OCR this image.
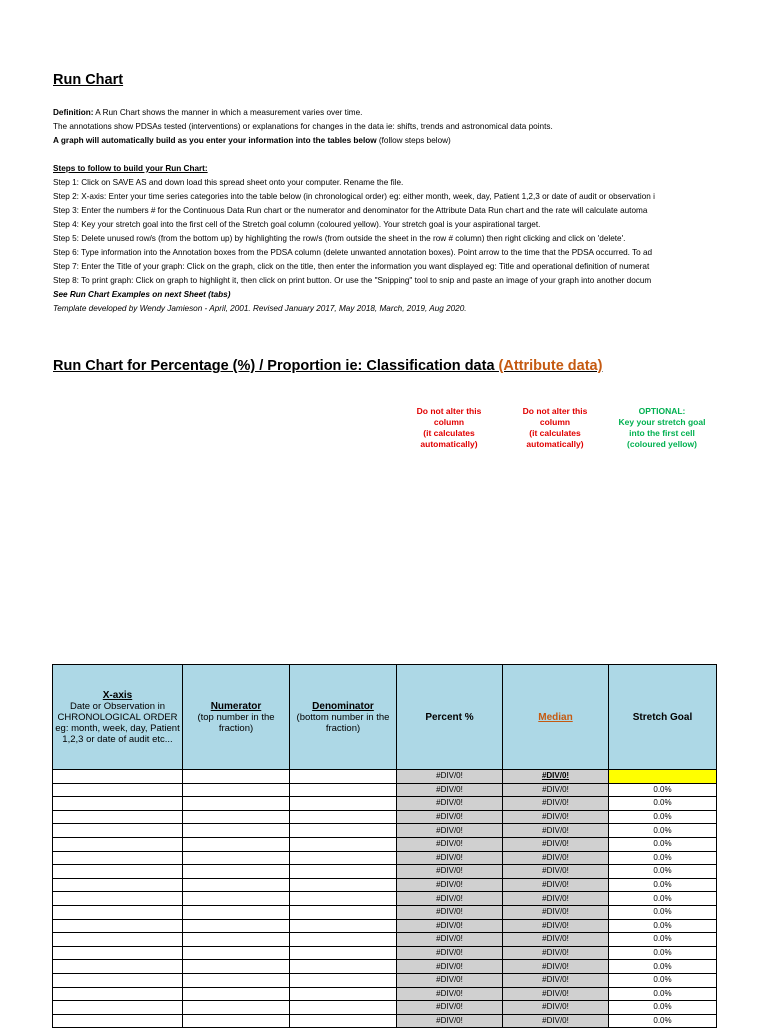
Run Chart
Definition: A Run Chart shows the manner in which a measurement varies over time.
The annotations show PDSAs tested (interventions) or explanations for changes in the data ie: shifts, trends and astronomical data points.
A graph will automatically build as you enter your information into the tables below (follow steps below)
Steps to follow to build your Run Chart:
Step 1: Click on SAVE AS and down load this spread sheet onto your computer. Rename the file.
Step 2: X-axis: Enter your time series categories into the table below (in chronological order) eg: either month, week, day, Patient 1,2,3 or date of audit or observation i
Step 3: Enter the numbers # for the Continuous Data Run chart or the numerator and denominator for the Attribute Data Run chart and the rate will calculate automa
Step 4: Key your stretch goal into the first cell of the Stretch goal column (coloured yellow). Your stretch goal is your aspirational target.
Step 5: Delete unused row/s (from the bottom up) by highlighting the row/s (from outside the sheet in the row # column) then right clicking and click on 'delete'.
Step 6: Type information into the Annotation boxes from the PDSA column (delete unwanted annotation boxes). Point arrow to the time that the PDSA occurred. To ad
Step 7: Enter the Title of your graph: Click on the graph, click on the title, then enter the information you want displayed eg: Title and operational definition of numerat
Step 8: To print graph: Click on graph to highlight it, then click on print button. Or use the "Snipping" tool to snip and paste an image of your graph into another docum
See Run Chart Examples on next Sheet (tabs)
Template developed by Wendy Jamieson - April, 2001. Revised January 2017, May 2018, March, 2019, Aug 2020.
Run Chart for Percentage (%) / Proportion ie: Classification data (Attribute data)
Do not alter this
column
(it calculates
automatically)
Do not alter this
column
(it calculates
automatically)
OPTIONAL:
Key your stretch goal
into the first cell
(coloured yellow)
X-axis
Date or Observation in CHRONOLOGICAL ORDER eg: month, week, day, Patient 1,2,3 or date of audit etc...	Numerator
(top number in the fraction)	Denominator
(bottom number in the fraction)	Percent %	Median	Stretch Goal
			#DIV/0!	#DIV/0!	
			#DIV/0!	#DIV/0!	0.0%
			#DIV/0!	#DIV/0!	0.0%
			#DIV/0!	#DIV/0!	0.0%
			#DIV/0!	#DIV/0!	0.0%
			#DIV/0!	#DIV/0!	0.0%
			#DIV/0!	#DIV/0!	0.0%
			#DIV/0!	#DIV/0!	0.0%
			#DIV/0!	#DIV/0!	0.0%
			#DIV/0!	#DIV/0!	0.0%
			#DIV/0!	#DIV/0!	0.0%
			#DIV/0!	#DIV/0!	0.0%
			#DIV/0!	#DIV/0!	0.0%
			#DIV/0!	#DIV/0!	0.0%
			#DIV/0!	#DIV/0!	0.0%
			#DIV/0!	#DIV/0!	0.0%
			#DIV/0!	#DIV/0!	0.0%
			#DIV/0!	#DIV/0!	0.0%
			#DIV/0!	#DIV/0!	0.0%
